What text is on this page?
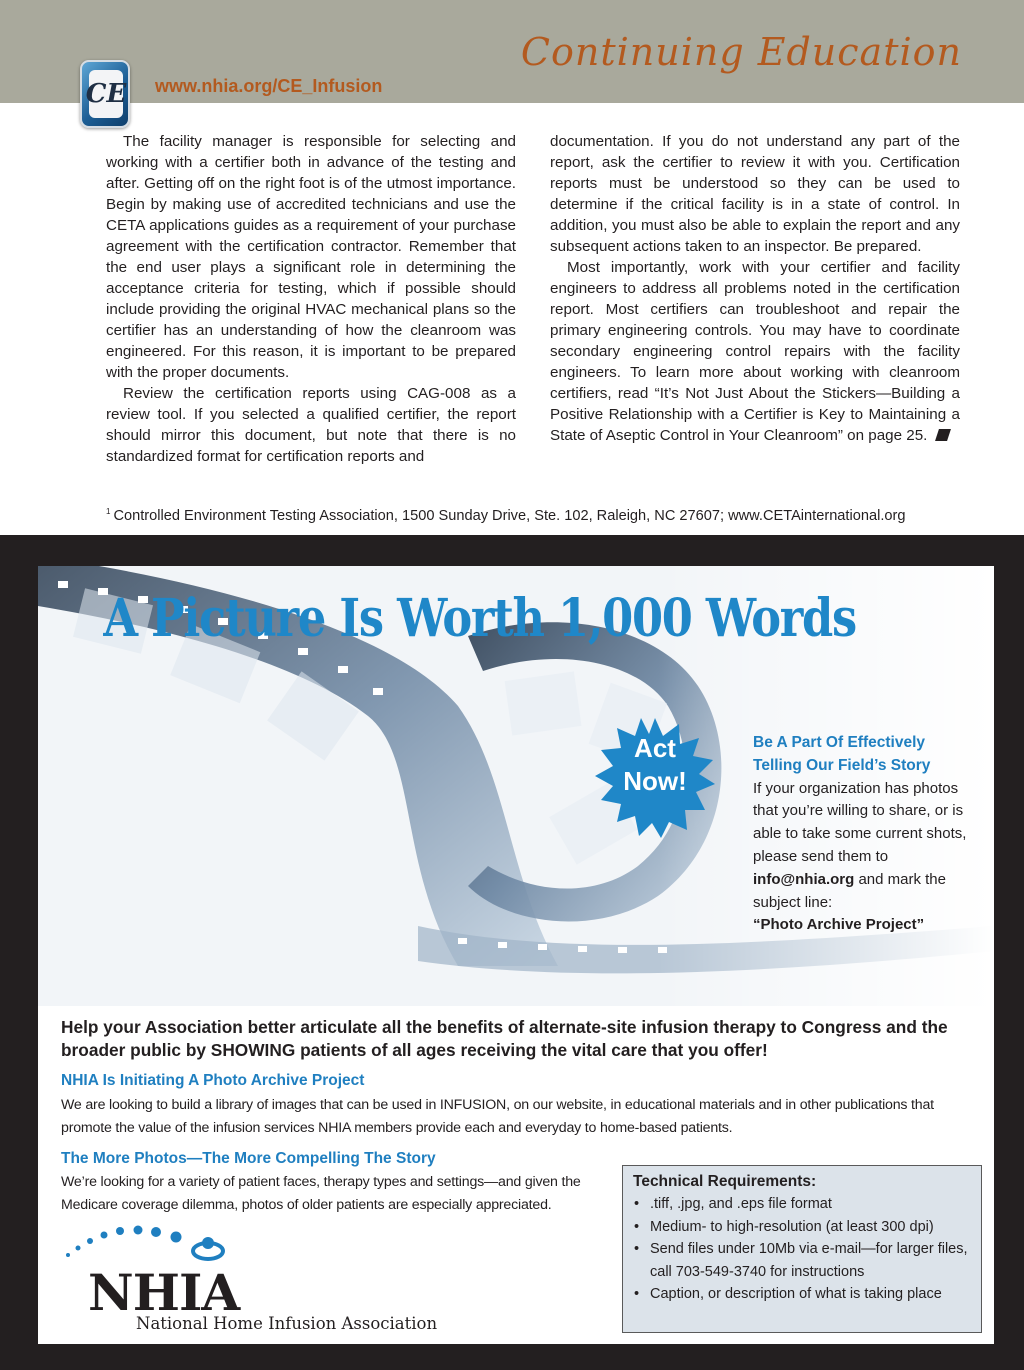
Continuing Education
CE www.nhia.org/CE_Infusion

The facility manager is responsible for selecting and working with a certifier both in advance of the testing and after. Getting off on the right foot is of the utmost importance. Begin by making use of accredited technicians and use the CETA applications guides as a requirement of your purchase agreement with the certification contractor. Remember that the end user plays a significant role in determining the acceptance criteria for testing, which if possible should include providing the original HVAC mechanical plans so the certifier has an understanding of how the cleanroom was engineered. For this reason, it is important to be prepared with the proper documents.

Review the certification reports using CAG-008 as a review tool. If you selected a qualified certifier, the report should mirror this document, but note that there is no standardized format for certification reports and

documentation. If you do not understand any part of the report, ask the certifier to review it with you. Certification reports must be understood so they can be used to determine if the critical facility is in a state of control. In addition, you must also be able to explain the report and any subsequent actions taken to an inspector. Be prepared.

Most importantly, work with your certifier and facility engineers to address all problems noted in the certification report. Most certifiers can troubleshoot and repair the primary engineering controls. You may have to coordinate secondary engineering control repairs with the facility engineers. To learn more about working with cleanroom certifiers, read “It’s Not Just About the Stickers—Building a Positive Relationship with a Certifier is Key to Maintaining a State of Aseptic Control in Your Cleanroom” on page 25.

$^1$ Controlled Environment Testing Association, 1500 Sunday Drive, Ste. 102, Raleigh, NC 27607; www.CETAinternational.org
A Picture Is Worth 1,000 Words
Act
Now!
Be A Part Of Effectively
Telling Our Field’s Story
If your organization has photos that you’re willing to share, or is able to take some current shots, please send them to info@nhia.org and mark the subject line:
“Photo Archive Project”
Help your Association better articulate all the benefits of alternate-site infusion therapy to Congress and the broader public by SHOWING patients of all ages receiving the vital care that you offer!
NHIA Is Initiating A Photo Archive Project
We are looking to build a library of images that can be used in INFUSION, on our website, in educational materials and in other publications that promote the value of the infusion services NHIA members provide each and everyday to home-based patients.
The More Photos—The More Compelling The Story
We’re looking for a variety of patient faces, therapy types and settings—and given the Medicare coverage dilemma, photos of older patients are especially appreciated.
Technical Requirements:
• .tiff, .jpg, and .eps file format
• Medium- to high-resolution (at least 300 dpi)
• Send files under 10Mb via e-mail—for larger files, call 703-549-3740 for instructions
• Caption, or description of what is taking place
NHIA
National Home Infusion Association
